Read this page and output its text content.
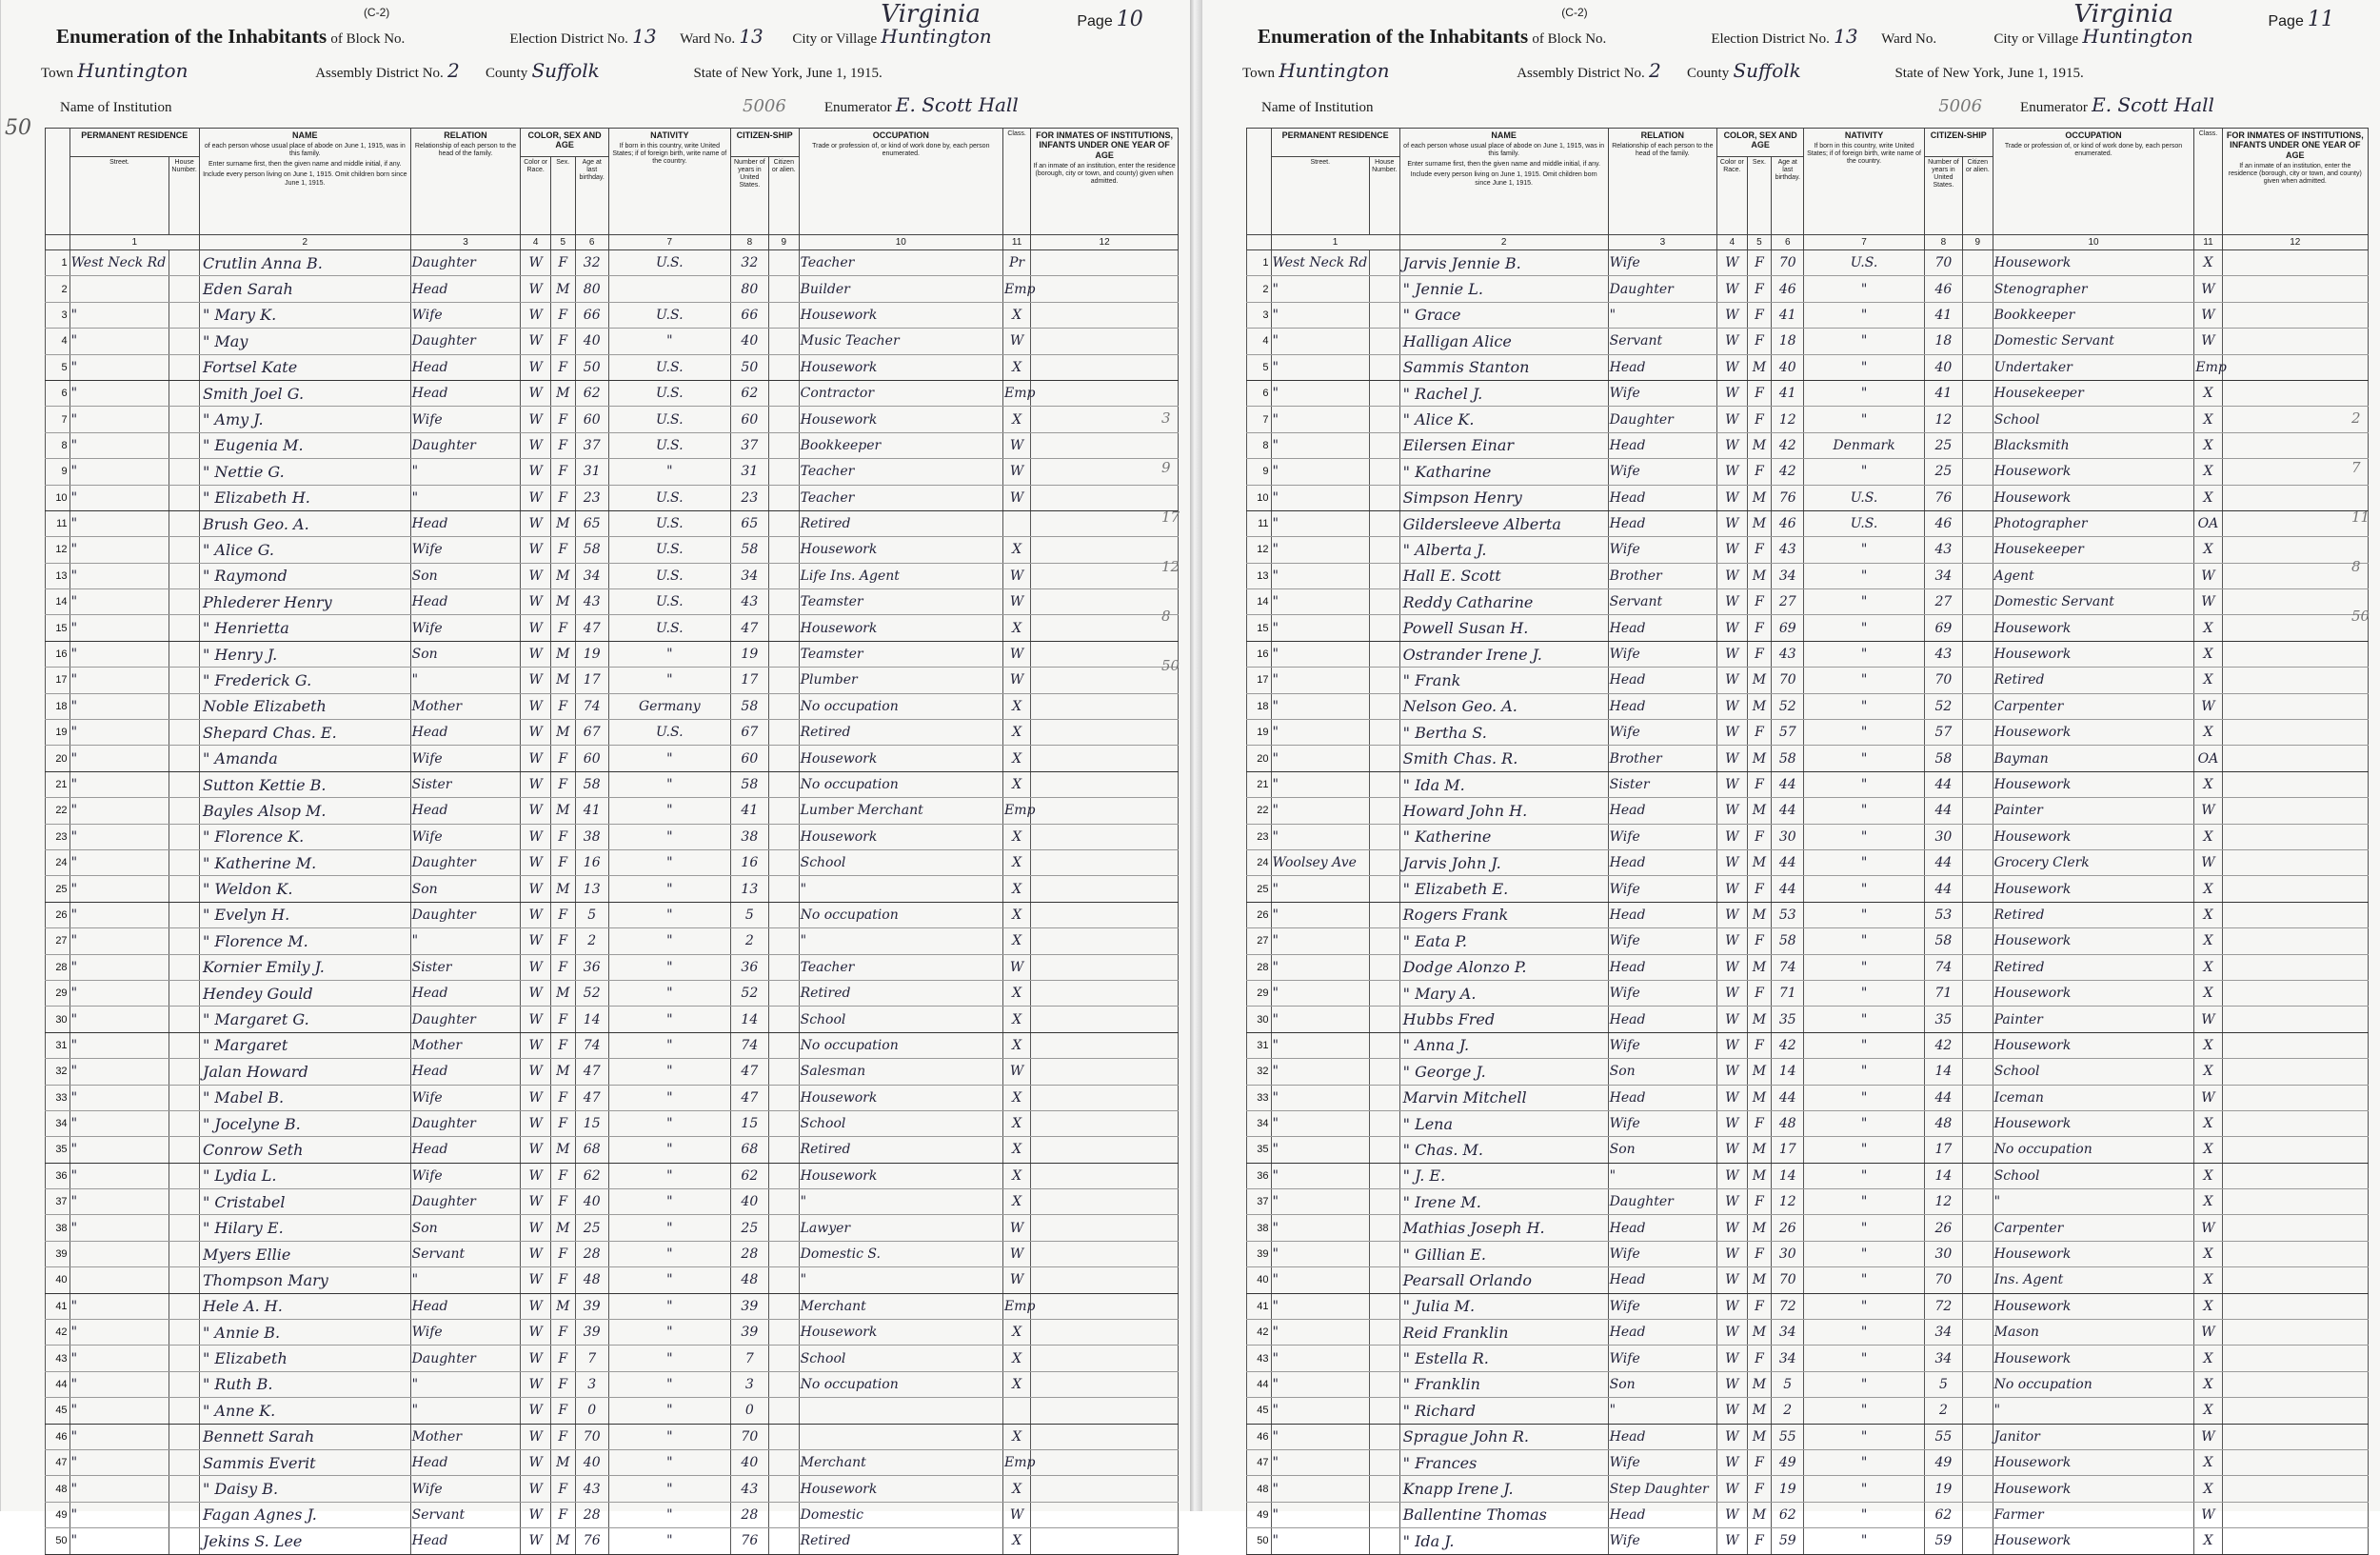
(C-2)	Virginia	Page 10
Enumeration of the Inhabitants of Block No.	Election District No. 13 Ward No. 13 City or Village Huntington
Town Huntington	Assembly District No. 2 County Suffolk	State of New York, June 1, 1915.
Name of Institution	5006	Enumerator E. Scott Hall
50
		PERMANENT RESIDENCE		NAME
of each person whose usual place of abode on June 1, 1915, was in this family.
Enter surname first, then the given name and middle initial, if any.
Include every person living on June 1, 1915. Omit children born since June 1, 1915.	RELATION
Relationship of each person to the head of the family.	COLOR, SEX AND AGE			NATIVITY
If born in this country, write United States; if of foreign birth, write name of the country.	CITIZEN-SHIP		OCCUPATION
Trade or profession of, or kind of work done by, each person enumerated.	Class.	FOR INMATES OF INSTITUTIONS, INFANTS UNDER ONE YEAR OF AGE
If an inmate of an institution, enter the residence (borough, city or town, and county) given when admitted.

	Street.	House Number.			Color or Race.	Sex.	Age at last birthday.		Number of years in United States.	Citizen or alien.			
	1		2	3	4	5	6	7	8	9	10	11	12
1	West Neck Rd		Crutlin Anna B.	Daughter	W	F	32	U.S.	32		Teacher	Pr	
2			Eden Sarah	Head	W	M	80		80		Builder	Emp	
3	"		" Mary K.	Wife	W	F	66	U.S.	66		Housework	X	
4	"		" May	Daughter	W	F	40	"	40		Music Teacher	W	
5	"		Fortsel Kate	Head	W	F	50	U.S.	50		Housework	X	
6	"		Smith Joel G.	Head	W	M	62	U.S.	62		Contractor	Emp	
7	"		" Amy J.	Wife	W	F	60	U.S.	60		Housework	X	
8	"		" Eugenia M.	Daughter	W	F	37	U.S.	37		Bookkeeper	W	
9	"		" Nettie G.	"	W	F	31	"	31		Teacher	W	
10	"		" Elizabeth H.	"	W	F	23	U.S.	23		Teacher	W	
11	"		Brush Geo. A.	Head	W	M	65	U.S.	65		Retired		
12	"		" Alice G.	Wife	W	F	58	U.S.	58		Housework	X	
13	"		" Raymond	Son	W	M	34	U.S.	34		Life Ins. Agent	W	
14	"		Phlederer Henry	Head	W	M	43	U.S.	43		Teamster	W	
15	"		" Henrietta	Wife	W	F	47	U.S.	47		Housework	X	
16	"		" Henry J.	Son	W	M	19	"	19		Teamster	W	
17	"		" Frederick G.	"	W	M	17	"	17		Plumber	W	
18	"		Noble Elizabeth	Mother	W	F	74	Germany	58		No occupation	X	
19	"		Shepard Chas. E.	Head	W	M	67	U.S.	67		Retired	X	
20	"		" Amanda	Wife	W	F	60	"	60		Housework	X	
21	"		Sutton Kettie B.	Sister	W	F	58	"	58		No occupation	X	
22	"		Bayles Alsop M.	Head	W	M	41	"	41		Lumber Merchant	Emp	
23	"		" Florence K.	Wife	W	F	38	"	38		Housework	X	
24	"		" Katherine M.	Daughter	W	F	16	"	16		School	X	
25	"		" Weldon K.	Son	W	M	13	"	13		"	X	
26	"		" Evelyn H.	Daughter	W	F	5	"	5		No occupation	X	
27	"		" Florence M.	"	W	F	2	"	2		"	X	
28	"		Kornier Emily J.	Sister	W	F	36	"	36		Teacher	W	
29	"		Hendey Gould	Head	W	M	52	"	52		Retired	X	
30	"		" Margaret G.	Daughter	W	F	14	"	14		School	X	
31	"		" Margaret	Mother	W	F	74	"	74		No occupation	X	
32	"		Jalan Howard	Head	W	M	47	"	47		Salesman	W	
33	"		" Mabel B.	Wife	W	F	47	"	47		Housework	X	
34	"		" Jocelyne B.	Daughter	W	F	15	"	15		School	X	
35	"		Conrow Seth	Head	W	M	68	"	68		Retired	X	
36	"		" Lydia L.	Wife	W	F	62	"	62		Housework	X	
37	"		" Cristabel	Daughter	W	F	40	"	40		"	X	
38	"		" Hilary E.	Son	W	M	25	"	25		Lawyer	W	
39			Myers Ellie	Servant	W	F	28	"	28		Domestic S.	W	
40			Thompson Mary	"	W	F	48	"	48		"	W	
41	"		Hele A. H.	Head	W	M	39	"	39		Merchant	Emp	
42	"		" Annie B.	Wife	W	F	39	"	39		Housework	X	
43	"		" Elizabeth	Daughter	W	F	7	"	7		School	X	
44	"		" Ruth B.	"	W	F	3	"	3		No occupation	X	
45	"		" Anne K.	"	W	F	0	"	0				
46	"		Bennett Sarah	Mother	W	F	70	"	70			X	
47	"		Sammis Everit	Head	W	M	40	"	40		Merchant	Emp	
48	"		" Daisy B.	Wife	W	F	43	"	43		Housework	X	
49	"		Fagan Agnes J.	Servant	W	F	28	"	28		Domestic	W	
50	"		Jekins S. Lee	Head	W	M	76	"	76		Retired	X	
3
9
17
12
8
50
(C-2)	Virginia	Page 11
Enumeration of the Inhabitants of Block No.	Election District No. 13 Ward No.	City or Village Huntington
Town Huntington	Assembly District No. 2 County Suffolk	State of New York, June 1, 1915.
Name of Institution	5006	Enumerator E. Scott Hall
	PERMANENT RESIDENCE		NAME
of each person whose usual place of abode on June 1, 1915, was in this family.
Enter surname first, then the given name and middle initial, if any.
Include every person living on June 1, 1915. Omit children born since June 1, 1915.	RELATION
Relationship of each person to the head of the family.	COLOR, SEX AND AGE			NATIVITY
If born in this country, write United States; if of foreign birth, write name of the country.	CITIZEN-SHIP		OCCUPATION
Trade or profession of, or kind of work done by, each person enumerated.	Class.	FOR INMATES OF INSTITUTIONS, INFANTS UNDER ONE YEAR OF AGE
If an inmate of an institution, enter the residence (borough, city or town, and county) given when admitted.

	Street.	House Number.			Color or Race.	Sex.	Age at last birthday.		Number of years in United States.	Citizen or alien.			
	1		2	3	4	5	6	7	8	9	10	11	12
1	West Neck Rd		Jarvis Jennie B.	Wife	W	F	70	U.S.	70		Housework	X	
2	"		" Jennie L.	Daughter	W	F	46	"	46		Stenographer	W	
3	"		" Grace	"	W	F	41	"	41		Bookkeeper	W	
4	"		Halligan Alice	Servant	W	F	18	"	18		Domestic Servant	W	
5	"		Sammis Stanton	Head	W	M	40	"	40		Undertaker	Emp	
6	"		" Rachel J.	Wife	W	F	41	"	41		Housekeeper	X	
7	"		" Alice K.	Daughter	W	F	12	"	12		School	X	
8	"		Eilersen Einar	Head	W	M	42	Denmark	25		Blacksmith	X	
9	"		" Katharine	Wife	W	F	42	"	25		Housework	X	
10	"		Simpson Henry	Head	W	M	76	U.S.	76		Housework	X	
11	"		Gildersleeve Alberta	Head	W	M	46	U.S.	46		Photographer	OA	
12	"		" Alberta J.	Wife	W	F	43	"	43		Housekeeper	X	
13	"		Hall E. Scott	Brother	W	M	34	"	34		Agent	W	
14	"		Reddy Catharine	Servant	W	F	27	"	27		Domestic Servant	W	
15	"		Powell Susan H.	Head	W	F	69	"	69		Housework	X	
16	"		Ostrander Irene J.	Wife	W	F	43	"	43		Housework	X	
17	"		" Frank	Head	W	M	70	"	70		Retired	X	
18	"		Nelson Geo. A.	Head	W	M	52	"	52		Carpenter	W	
19	"		" Bertha S.	Wife	W	F	57	"	57		Housework	X	
20	"		Smith Chas. R.	Brother	W	M	58	"	58		Bayman	OA	
21	"		" Ida M.	Sister	W	F	44	"	44		Housework	X	
22	"		Howard John H.	Head	W	M	44	"	44		Painter	W	
23	"		" Katherine	Wife	W	F	30	"	30		Housework	X	
24	Woolsey Ave		Jarvis John J.	Head	W	M	44	"	44		Grocery Clerk	W	
25	"		" Elizabeth E.	Wife	W	F	44	"	44		Housework	X	
26	"		Rogers Frank	Head	W	M	53	"	53		Retired	X	
27	"		" Eata P.	Wife	W	F	58	"	58		Housework	X	
28	"		Dodge Alonzo P.	Head	W	M	74	"	74		Retired	X	
29	"		" Mary A.	Wife	W	F	71	"	71		Housework	X	
30	"		Hubbs Fred	Head	W	M	35	"	35		Painter	W	
31	"		" Anna J.	Wife	W	F	42	"	42		Housework	X	
32	"		" George J.	Son	W	M	14	"	14		School	X	
33	"		Marvin Mitchell	Head	W	M	44	"	44		Iceman	W	
34	"		" Lena	Wife	W	F	48	"	48		Housework	X	
35	"		" Chas. M.	Son	W	M	17	"	17		No occupation	X	
36	"		" J. E.	"	W	M	14	"	14		School	X	
37	"		" Irene M.	Daughter	W	F	12	"	12		"	X	
38	"		Mathias Joseph H.	Head	W	M	26	"	26		Carpenter	W	
39	"		" Gillian E.	Wife	W	F	30	"	30		Housework	X	
40	"		Pearsall Orlando	Head	W	M	70	"	70		Ins. Agent	X	
41	"		" Julia M.	Wife	W	F	72	"	72		Housework	X	
42	"		Reid Franklin	Head	W	M	34	"	34		Mason	W	
43	"		" Estella R.	Wife	W	F	34	"	34		Housework	X	
44	"		" Franklin	Son	W	M	5	"	5		No occupation	X	
45	"		" Richard	"	W	M	2	"	2		"	X	
46	"		Sprague John R.	Head	W	M	55	"	55		Janitor	W	
47	"		" Frances	Wife	W	F	49	"	49		Housework	X	
48	"		Knapp Irene J.	Step Daughter	W	F	19	"	19		Housework	X	
49	"		Ballentine Thomas	Head	W	M	62	"	62		Farmer	W	
50	"		" Ida J.	Wife	W	F	59	"	59		Housework	X	
2
7
11
8
50
